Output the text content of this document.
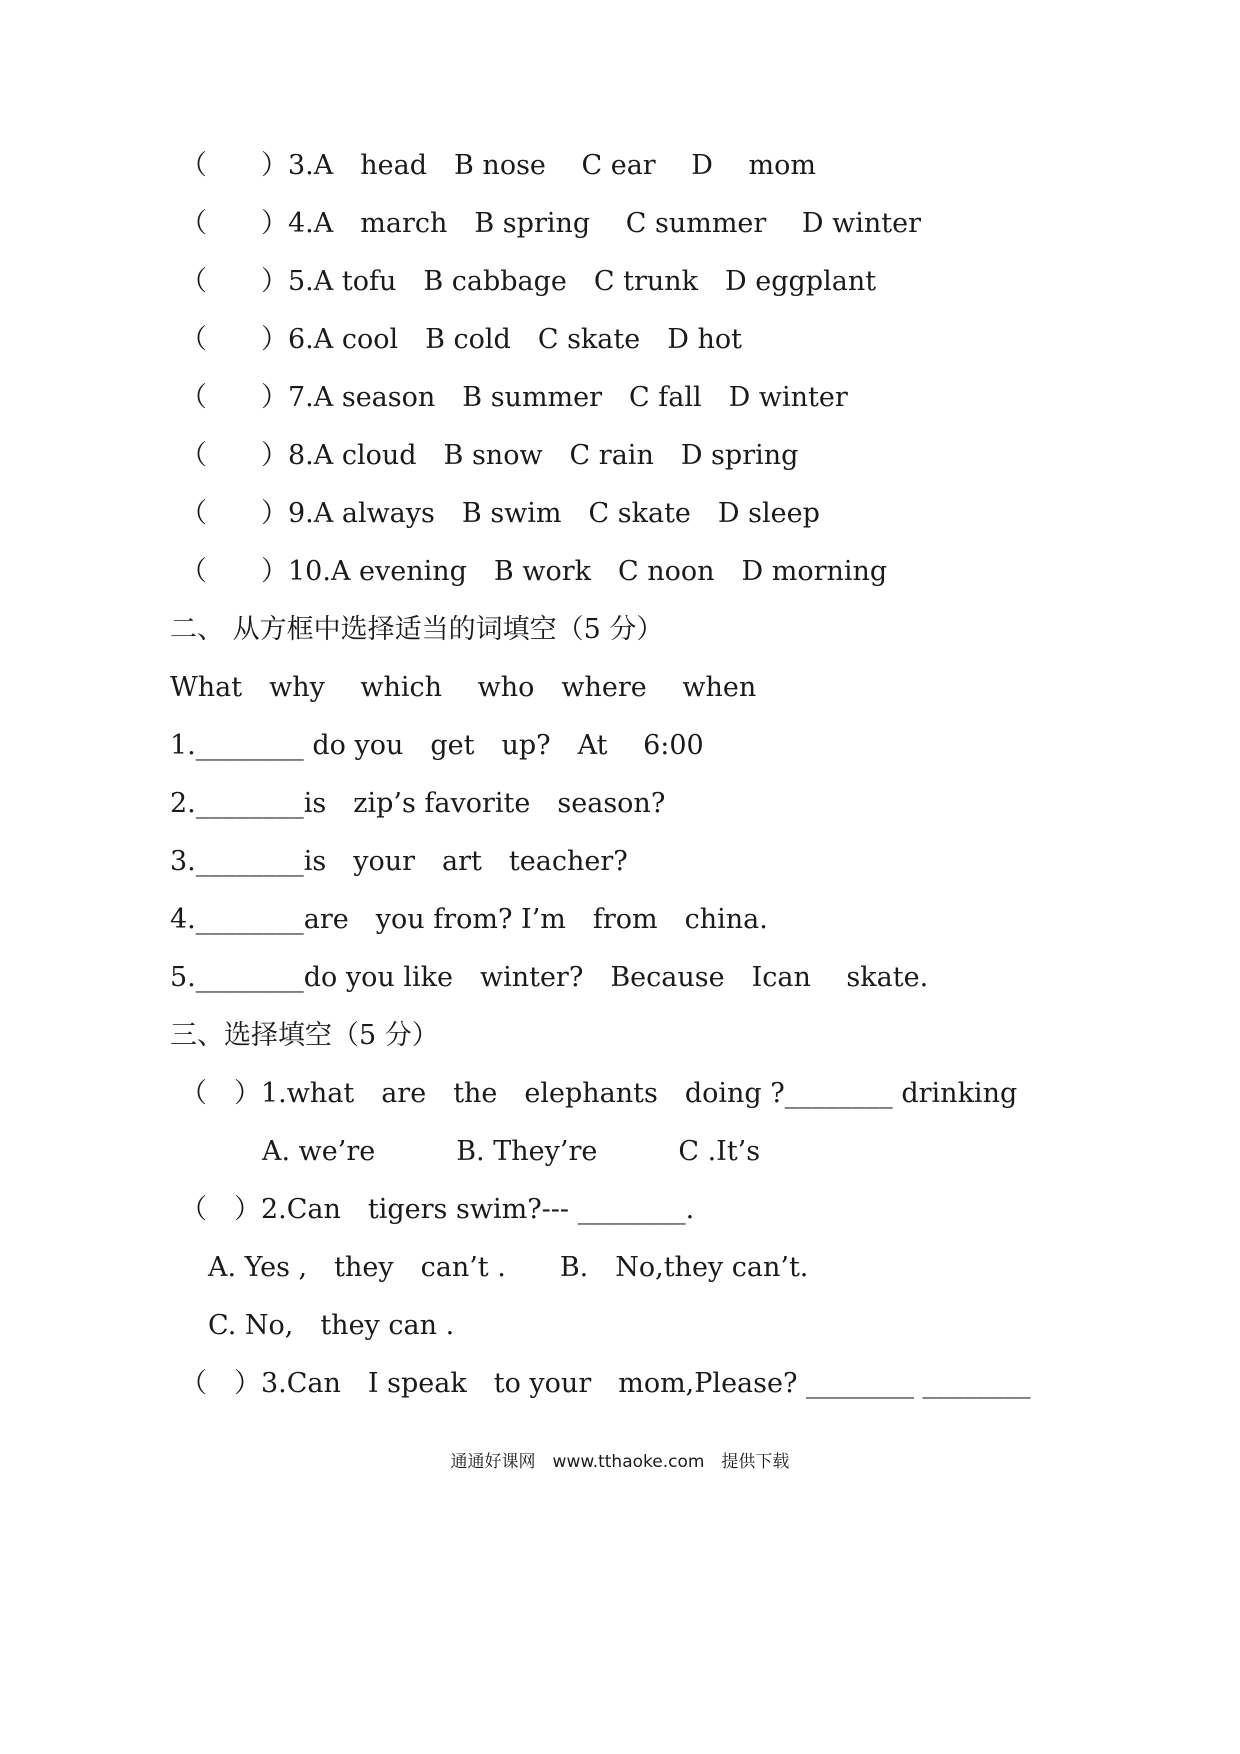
（　　）3.A　head　B nose　 C ear　 D　 mom
（　　）4.A　march　B spring　 C summer　 D winter
（　　）5.A tofu　B cabbage　C trunk　D eggplant
（　　）6.A cool　B cold　C skate　D hot
（　　）7.A season　B summer　C fall　D winter
（　　）8.A cloud　B snow　C rain　D spring
（　　）9.A always　B swim　C skate　D sleep
（　　）10.A evening　B work　C noon　D morning
二、 从方框中选择适当的词填空（5 分）
What　why　 which　 who　where　 when
1.________ do you　get　up?　At　 6:00
2.________is　zip’s favorite　season?
3.________is　your　art　teacher?
4.________are　you from? I’m　from　china.
5.________do you like　winter?　Because　Ican　 skate.
三、选择填空（5 分）
（　）1.what　are　the　elephants　doing ?________ drinking
A. we’re　　　B. They’re　　　C .It’s
（　）2.Can　tigers swim?--- ________.
A. Yes ,　they　can’t .　　B.　No,they can’t.
C. No,　they can .
（　）3.Can　I speak　to your　mom,Please? ________ ________
通通好课网　www.tthaoke.com　提供下载
